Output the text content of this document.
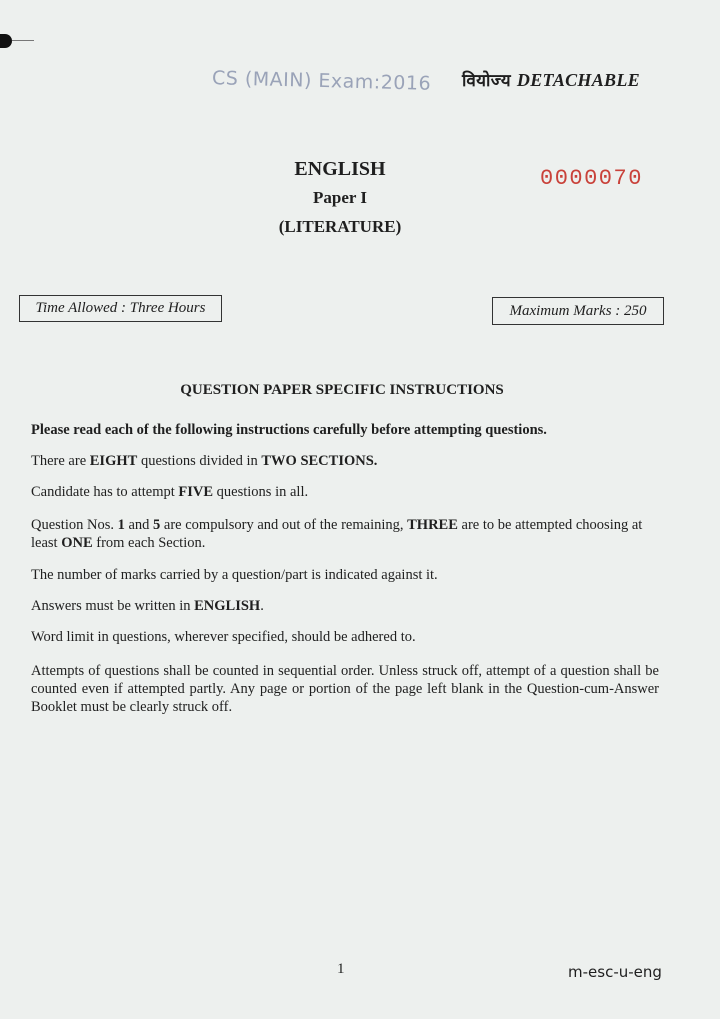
CS (MAIN) Exam:2016 वियोज्य DETACHABLE
ENGLISH
Paper I
(LITERATURE)
0000070
Time Allowed : Three Hours	Maximum Marks : 250
QUESTION PAPER SPECIFIC INSTRUCTIONS

Please read each of the following instructions carefully before attempting questions.

There are EIGHT questions divided in TWO SECTIONS.

Candidate has to attempt FIVE questions in all.

Question Nos. 1 and 5 are compulsory and out of the remaining, THREE are to be attempted choosing at least ONE from each Section.

The number of marks carried by a question/part is indicated against it.

Answers must be written in ENGLISH.

Word limit in questions, wherever specified, should be adhered to.

Attempts of questions shall be counted in sequential order. Unless struck off, attempt of a question shall be counted even if attempted partly. Any page or portion of the page left blank in the Question-cum-Answer Booklet must be clearly struck off.

1	m-esc-u-eng
